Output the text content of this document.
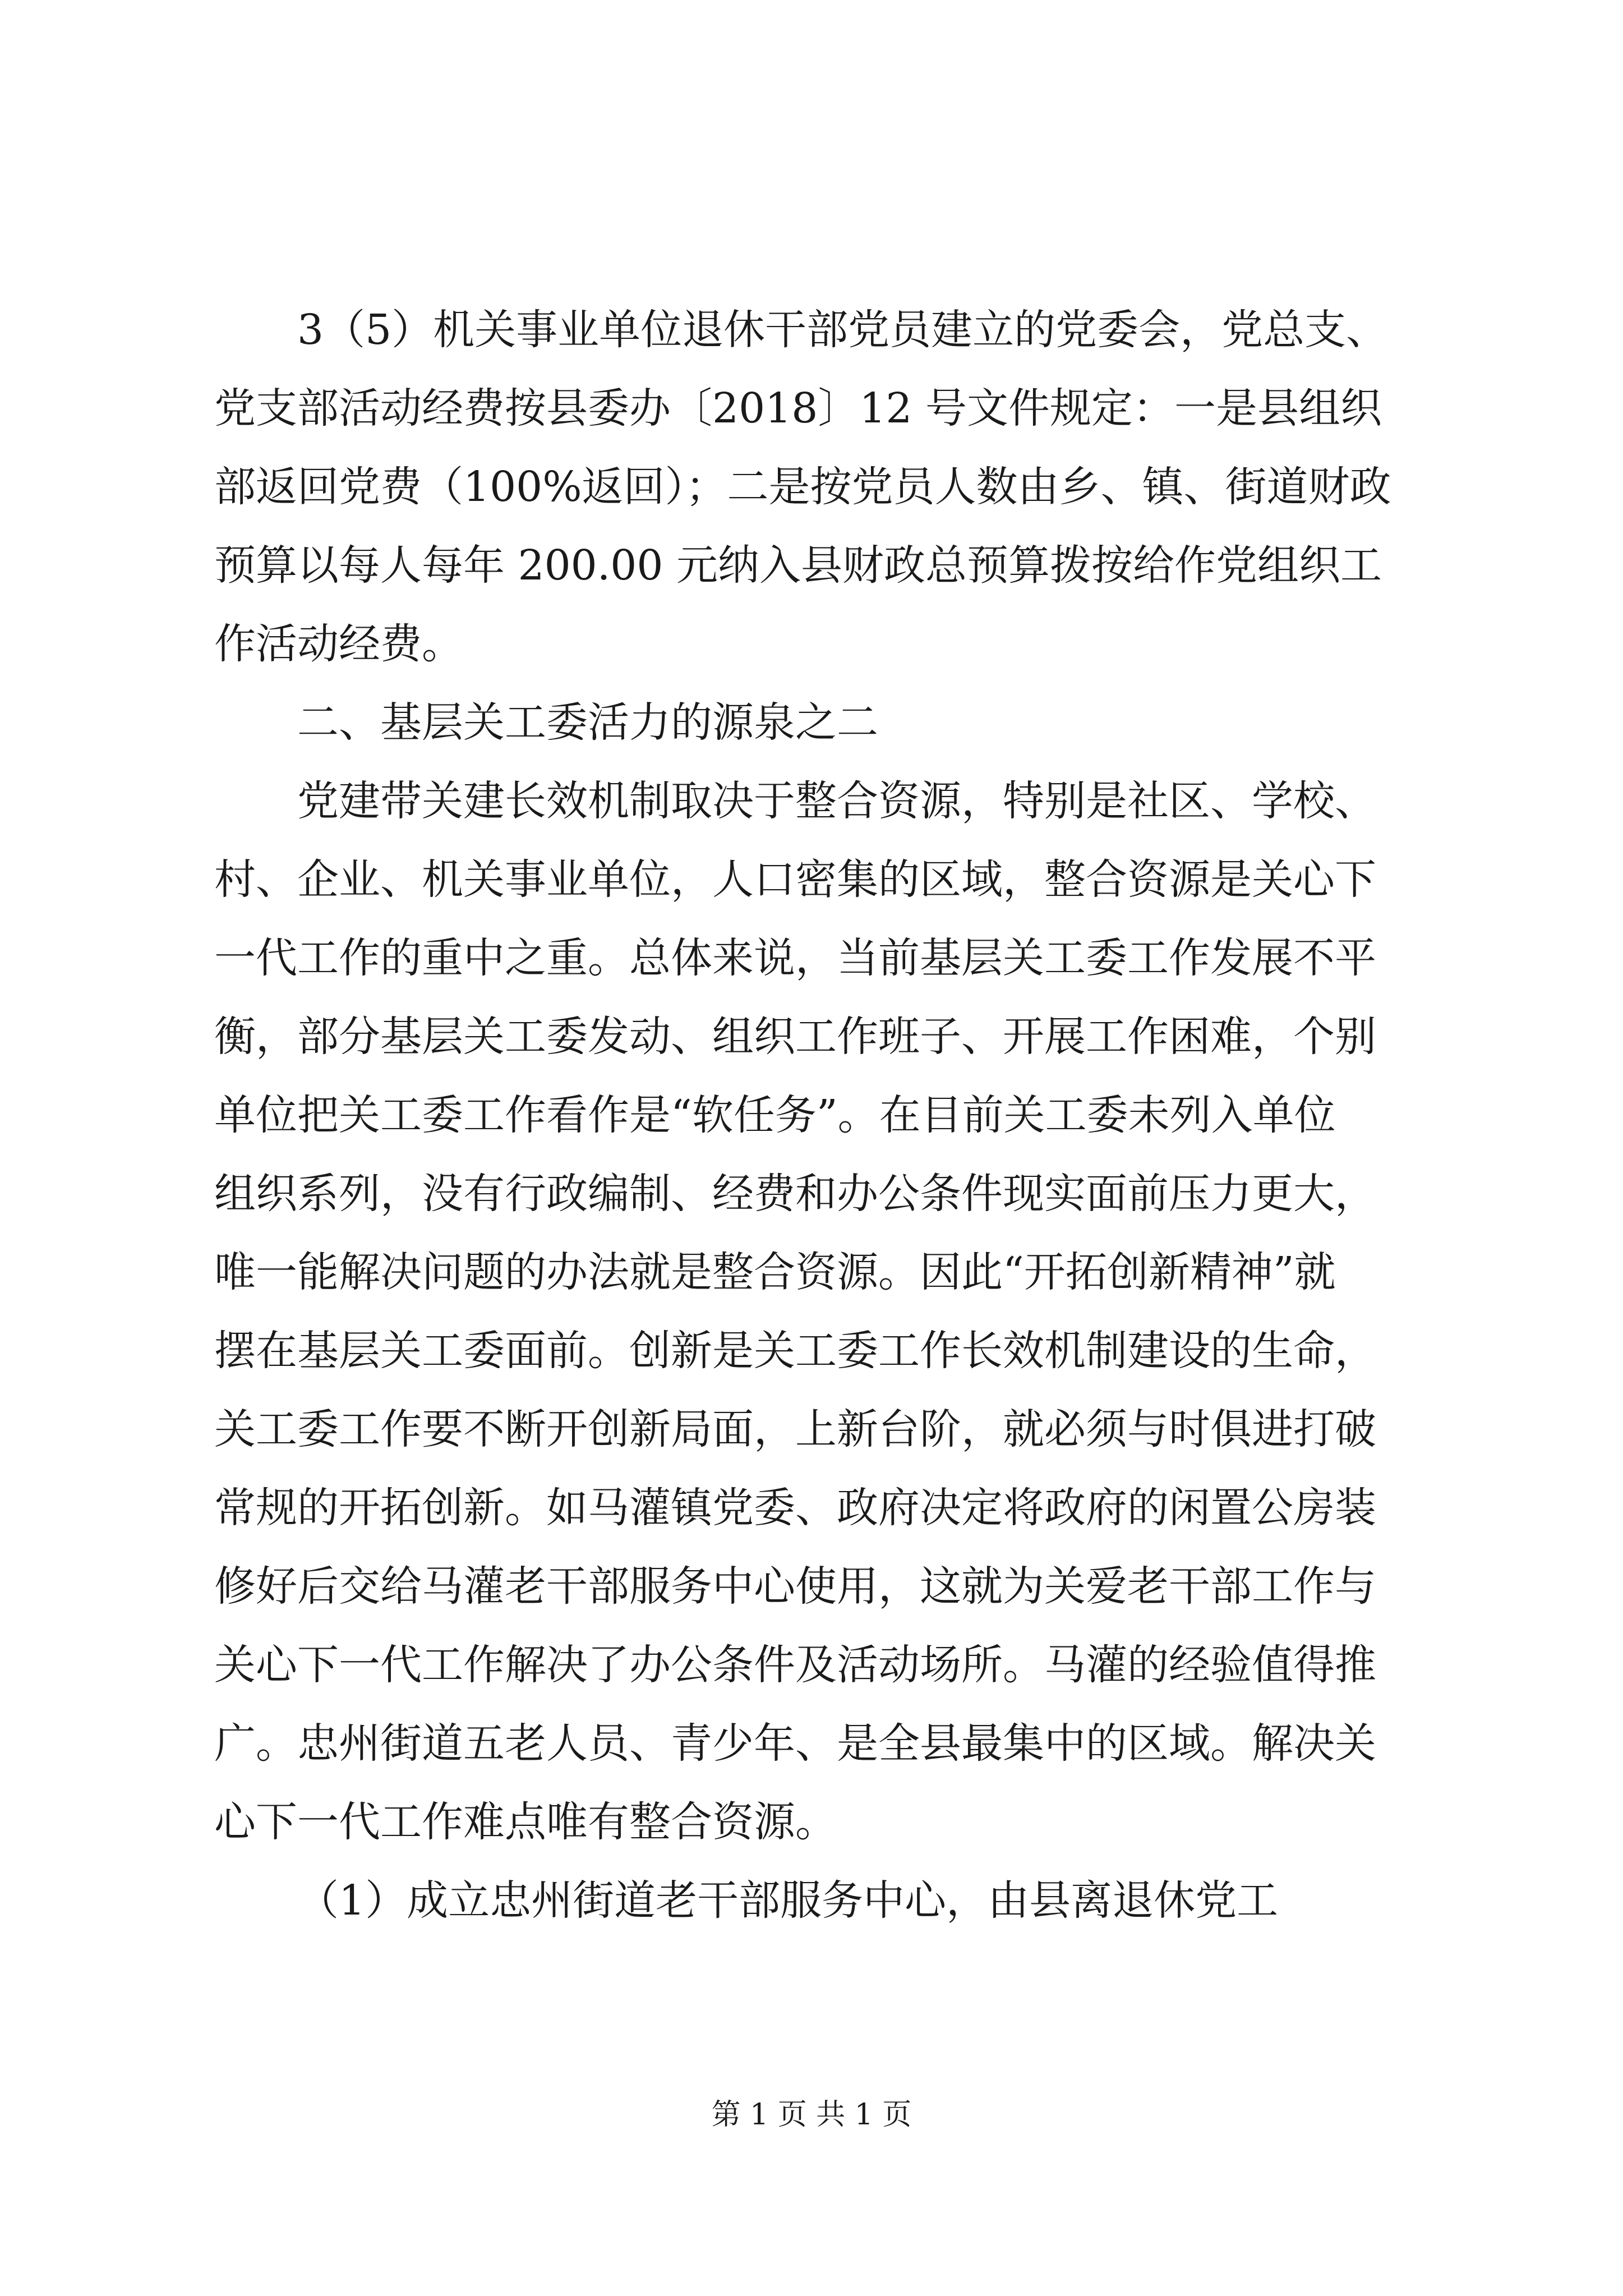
3（5）机关事业单位退休干部党员建立的党委会，党总支、
党支部活动经费按县委办〔2018〕12 号文件规定：一是县组织
部返回党费（100%返回）；二是按党员人数由乡、镇、街道财政
预算以每人每年 200.00 元纳入县财政总预算拨按给作党组织工
作活动经费。
二、基层关工委活力的源泉之二
党建带关建长效机制取决于整合资源，特别是社区、学校、
村、企业、机关事业单位，人口密集的区域，整合资源是关心下
一代工作的重中之重。总体来说，当前基层关工委工作发展不平
衡，部分基层关工委发动、组织工作班子、开展工作困难，个别
单位把关工委工作看作是“软任务”。在目前关工委未列入单位
组织系列，没有行政编制、经费和办公条件现实面前压力更大，
唯一能解决问题的办法就是整合资源。因此“开拓创新精神”就
摆在基层关工委面前。创新是关工委工作长效机制建设的生命，
关工委工作要不断开创新局面，上新台阶，就必须与时俱进打破
常规的开拓创新。如马灌镇党委、政府决定将政府的闲置公房装
修好后交给马灌老干部服务中心使用，这就为关爱老干部工作与
关心下一代工作解决了办公条件及活动场所。马灌的经验值得推
广。忠州街道五老人员、青少年、是全县最集中的区域。解决关
心下一代工作难点唯有整合资源。
（1）成立忠州街道老干部服务中心，由县离退休党工
第 1 页 共 1 页
